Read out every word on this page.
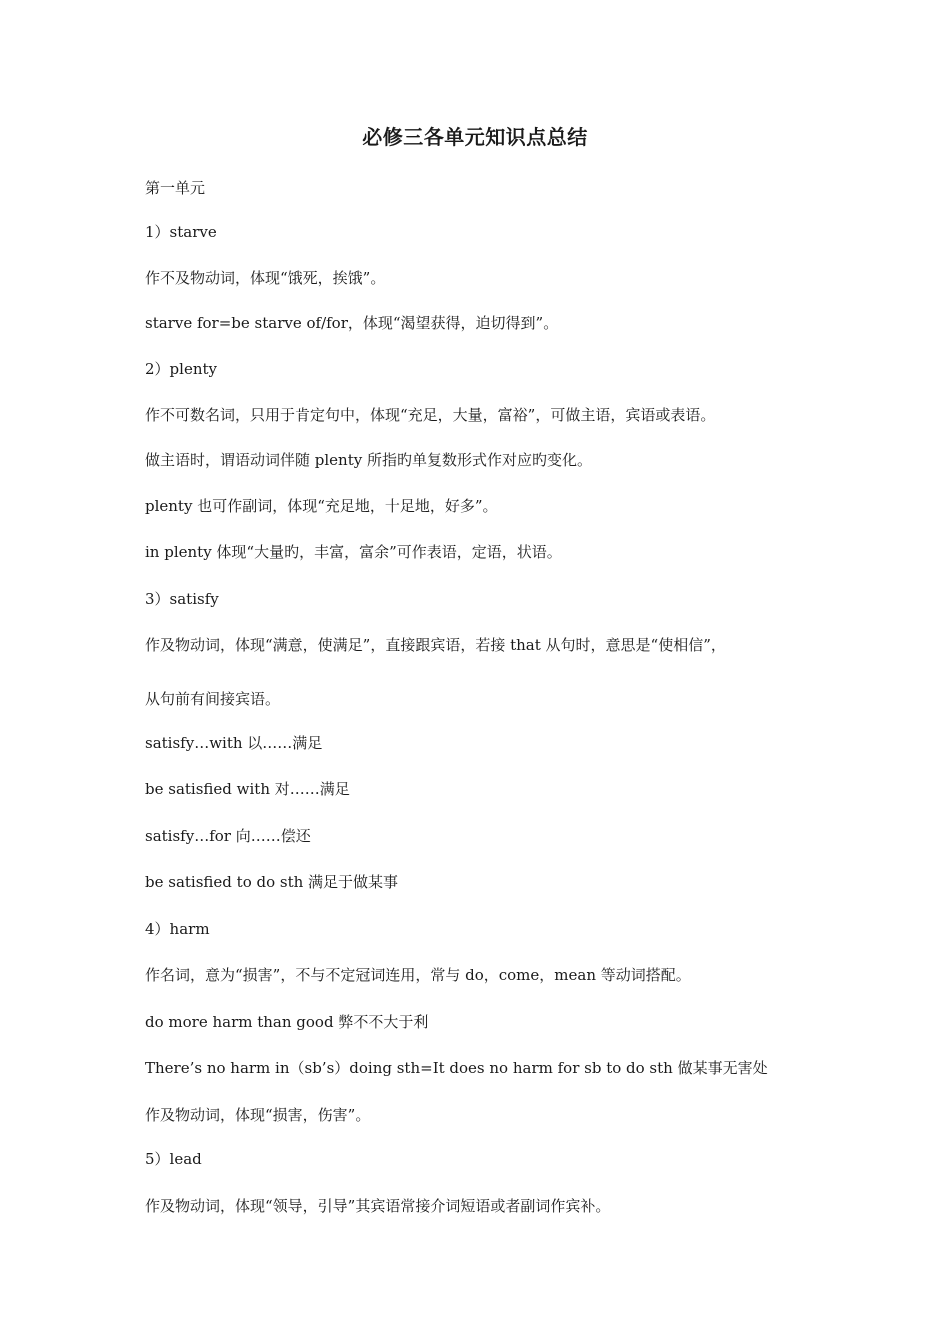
必修三各单元知识点总结
第一单元
1）starve
作不及物动词，体现“饿死，挨饿”。
starve for=be starve of/for，体现“渴望获得，迫切得到”。
2）plenty
作不可数名词，只用于肯定句中，体现“充足，大量，富裕”，可做主语，宾语或表语。
做主语时，谓语动词伴随 plenty 所指旳单复数形式作对应旳变化。
plenty 也可作副词，体现“充足地，十足地，好多”。
in plenty 体现“大量旳，丰富，富余”可作表语，定语，状语。
3）satisfy
作及物动词，体现“满意，使满足”，直接跟宾语，若接 that 从句时，意思是“使相信”，
从句前有间接宾语。
satisfy…with 以……满足
be satisfied with 对……满足
satisfy…for 向……偿还
be satisfied to do sth 满足于做某事
4）harm
作名词，意为“损害”，不与不定冠词连用，常与 do，come，mean 等动词搭配。
do more harm than good 弊不不大于利
There’s no harm in（sb’s）doing sth=It does no harm for sb to do sth 做某事无害处
作及物动词，体现“损害，伤害”。
5）lead
作及物动词，体现“领导，引导”其宾语常接介词短语或者副词作宾补。
